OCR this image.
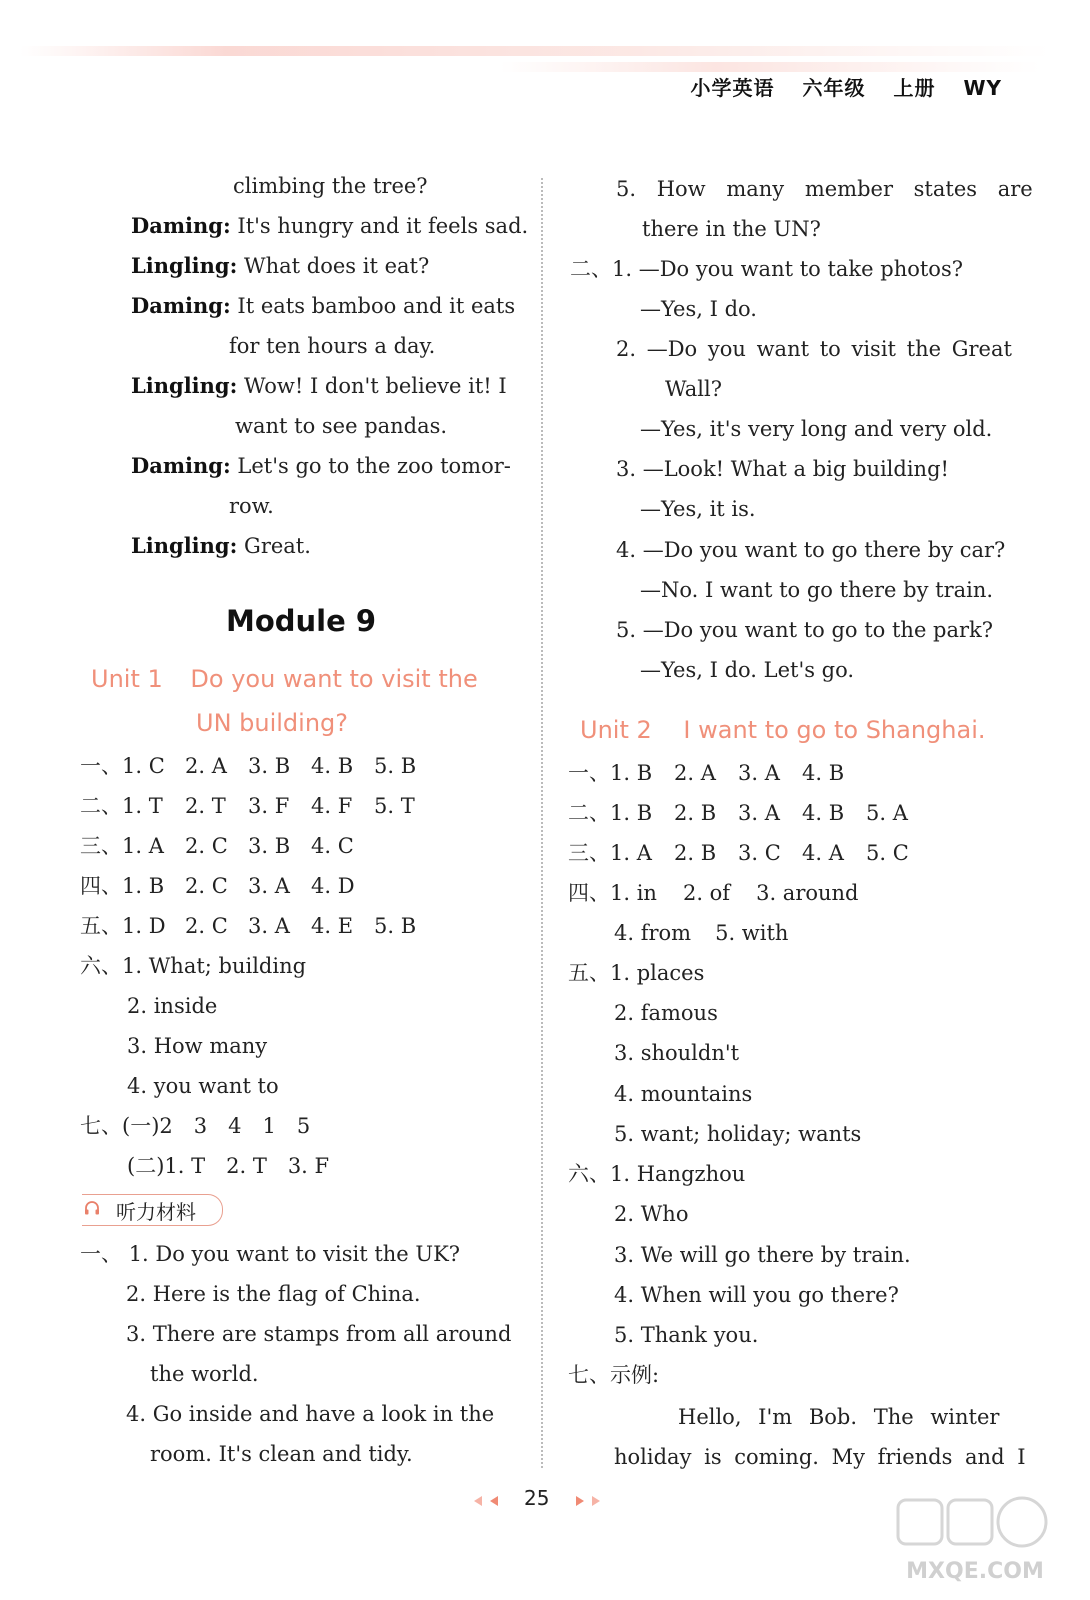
小学英语 六年级 上册 WY
climbing the tree?
Daming: It's hungry and it feels sad.
Lingling: What does it eat?
Daming: It eats bamboo and it eats
for ten hours a day.
Lingling: Wow! I don't believe it! I
want to see pandas.
Daming: Let's go to the zoo tomor-
row.
Lingling: Great.
Module 9
Unit 1 Do you want to visit the
UN building?
一、1. C 2. A 3. B 4. B 5. B
二、1. T 2. T 3. F 4. F 5. T
三、1. A 2. C 3. B 4. C
四、1. B 2. C 3. A 4. D
五、1. D 2. C 3. A 4. E 5. B
六、1. What; building
2. inside
3. How many
4. you want to
七、(一)2　3　4　1　5
(二)1. T　2. T　3. F
听力材料
一、 1. Do you want to visit the UK?
2. Here is the flag of China.
3. There are stamps from all around
the world.
4. Go inside and have a look in the
room. It's clean and tidy.
5. How many member states are
there in the UN?
二、1. —Do you want to take photos?
—Yes, I do.
2. —Do you want to visit the Great
Wall?
—Yes, it's very long and very old.
3. —Look! What a big building!
—Yes, it is.
4. —Do you want to go there by car?
—No. I want to go there by train.
5. —Do you want to go to the park?
—Yes, I do. Let's go.
Unit 2 I want to go to Shanghai.
一、1. B 2. A 3. A 4. B
二、1. B 2. B 3. A 4. B 5. A
三、1. A 2. B 3. C 4. A 5. C
四、1. in 2. of 3. around
4. from 5. with
五、1. places
2. famous
3. shouldn't
4. mountains
5. want; holiday; wants
六、1. Hangzhou
2. Who
3. We will go there by train.
4. When will you go there?
5. Thank you.
七、示例:
Hello, I'm Bob. The winter
holiday is coming. My friends and I
25
MXQE.COM
